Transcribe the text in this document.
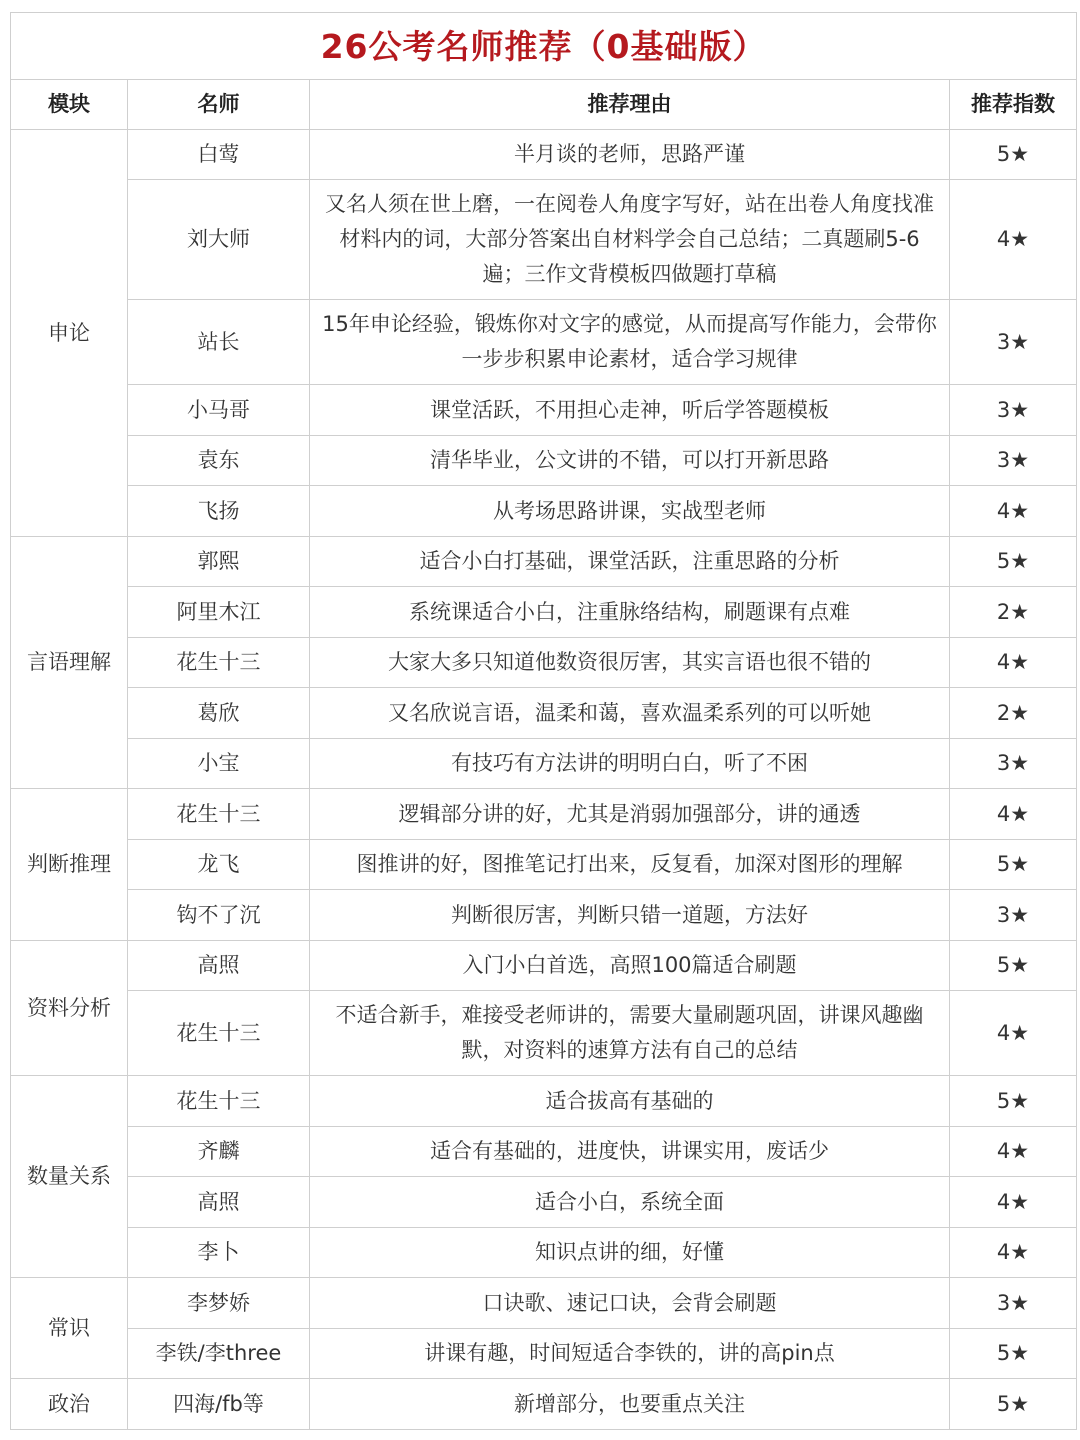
26公考名师推荐（0基础版）			
模块	名师	推荐理由	推荐指数
申论	白莺	半月谈的老师，思路严谨	5★
	刘大师	又名人须在世上磨，一在阅卷人角度字写好，站在出卷人角度找准材料内的词，大部分答案出自材料学会自己总结；二真题刷5-6遍；三作文背模板四做题打草稿	4★
	站长	15年申论经验，锻炼你对文字的感觉，从而提高写作能力，会带你一步步积累申论素材，适合学习规律	3★
	小马哥	课堂活跃，不用担心走神，听后学答题模板	3★
	袁东	清华毕业，公文讲的不错，可以打开新思路	3★
	飞扬	从考场思路讲课，实战型老师	4★
言语理解	郭熙	适合小白打基础，课堂活跃，注重思路的分析	5★
	阿里木江	系统课适合小白，注重脉络结构，刷题课有点难	2★
	花生十三	大家大多只知道他数资很厉害，其实言语也很不错的	4★
	葛欣	又名欣说言语，温柔和蔼，喜欢温柔系列的可以听她	2★
	小宝	有技巧有方法讲的明明白白，听了不困	3★
判断推理	花生十三	逻辑部分讲的好，尤其是消弱加强部分，讲的通透	4★
	龙飞	图推讲的好，图推笔记打出来，反复看，加深对图形的理解	5★
	钩不了沉	判断很厉害，判断只错一道题，方法好	3★
资料分析	高照	入门小白首选，高照100篇适合刷题	5★
	花生十三	不适合新手，难接受老师讲的，需要大量刷题巩固，讲课风趣幽默，对资料的速算方法有自己的总结	4★
数量关系	花生十三	适合拔高有基础的	5★
	齐麟	适合有基础的，进度快，讲课实用，废话少	4★
	高照	适合小白，系统全面	4★
	李卜	知识点讲的细，好懂	4★
常识	李梦娇	口诀歌、速记口诀，会背会刷题	3★
	李铁/李three	讲课有趣，时间短适合李铁的，讲的高pin点	5★
政治	四海/fb等	新增部分，也要重点关注	5★
